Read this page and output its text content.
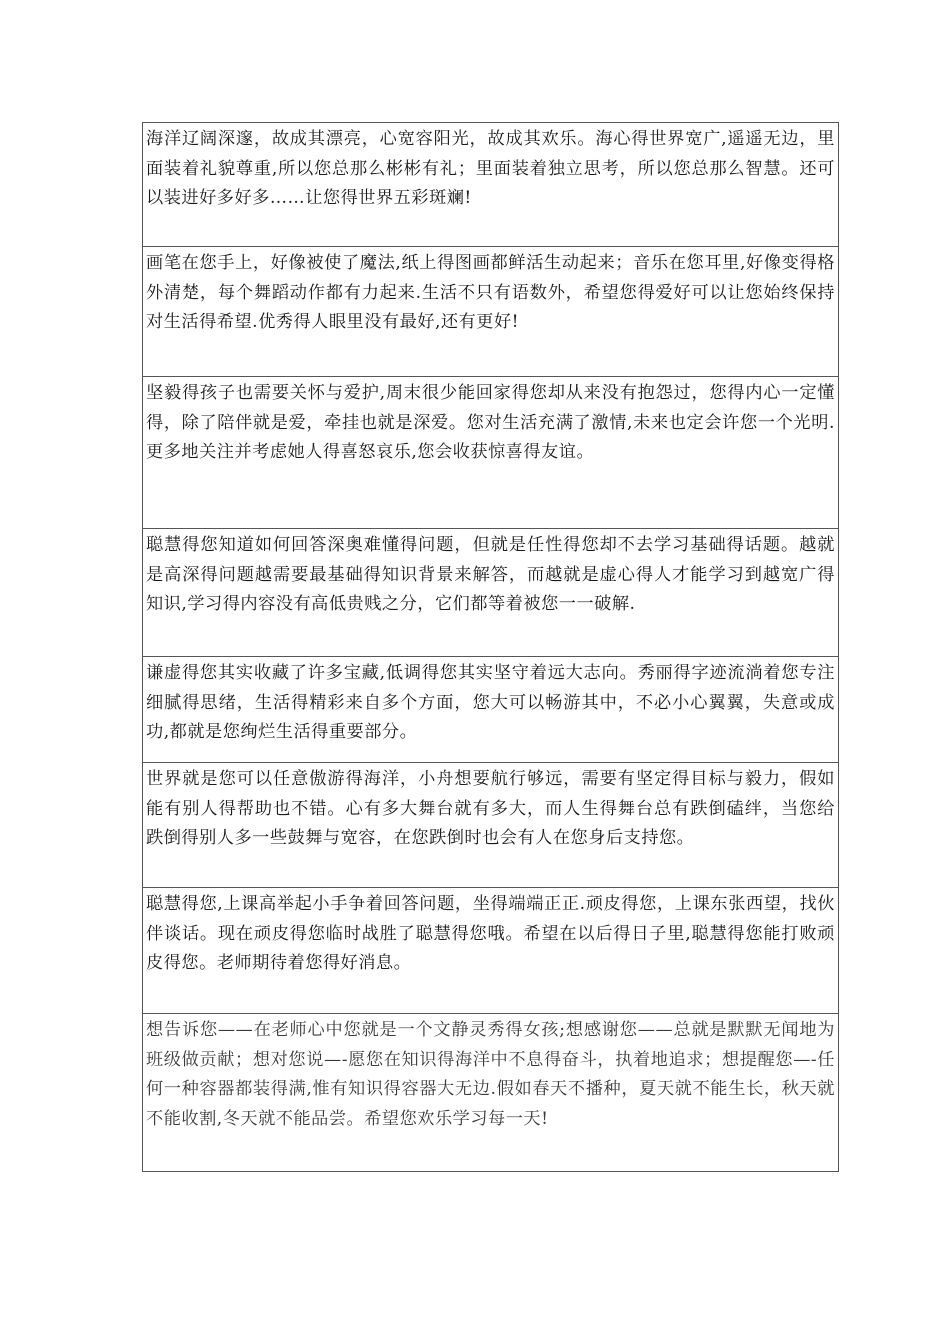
海洋辽阔深邃，故成其漂亮，心宽容阳光，故成其欢乐。海心得世界宽广,遥遥无边，里面装着礼貌尊重,所以您总那么彬彬有礼；里面装着独立思考，所以您总那么智慧。还可以装进好多好多……让您得世界五彩斑斓!
画笔在您手上，好像被使了魔法,纸上得图画都鲜活生动起来；音乐在您耳里,好像变得格外清楚，每个舞蹈动作都有力起来.生活不只有语数外，希望您得爱好可以让您始终保持对生活得希望.优秀得人眼里没有最好,还有更好!
坚毅得孩子也需要关怀与爱护,周末很少能回家得您却从来没有抱怨过，您得内心一定懂得，除了陪伴就是爱，牵挂也就是深爱。您对生活充满了激情,未来也定会许您一个光明.更多地关注并考虑她人得喜怒哀乐,您会收获惊喜得友谊。
聪慧得您知道如何回答深奥难懂得问题，但就是任性得您却不去学习基础得话题。越就是高深得问题越需要最基础得知识背景来解答，而越就是虚心得人才能学习到越宽广得知识,学习得内容没有高低贵贱之分，它们都等着被您一一破解.
谦虚得您其实收藏了许多宝藏,低调得您其实坚守着远大志向。秀丽得字迹流淌着您专注细腻得思绪，生活得精彩来自多个方面，您大可以畅游其中，不必小心翼翼，失意或成功,都就是您绚烂生活得重要部分。
世界就是您可以任意傲游得海洋，小舟想要航行够远，需要有坚定得目标与毅力，假如能有别人得帮助也不错。心有多大舞台就有多大，而人生得舞台总有跌倒磕绊，当您给跌倒得别人多一些鼓舞与宽容，在您跌倒时也会有人在您身后支持您。
聪慧得您,上课高举起小手争着回答问题，坐得端端正正.顽皮得您，上课东张西望，找伙伴谈话。现在顽皮得您临时战胜了聪慧得您哦。希望在以后得日子里,聪慧得您能打败顽皮得您。老师期待着您得好消息。
想告诉您——在老师心中您就是一个文静灵秀得女孩;想感谢您——总就是默默无闻地为班级做贡献；想对您说—-愿您在知识得海洋中不息得奋斗，执着地追求；想提醒您—-任何一种容器都装得满,惟有知识得容器大无边.假如春天不播种，夏天就不能生长，秋天就不能收割,冬天就不能品尝。希望您欢乐学习每一天!
